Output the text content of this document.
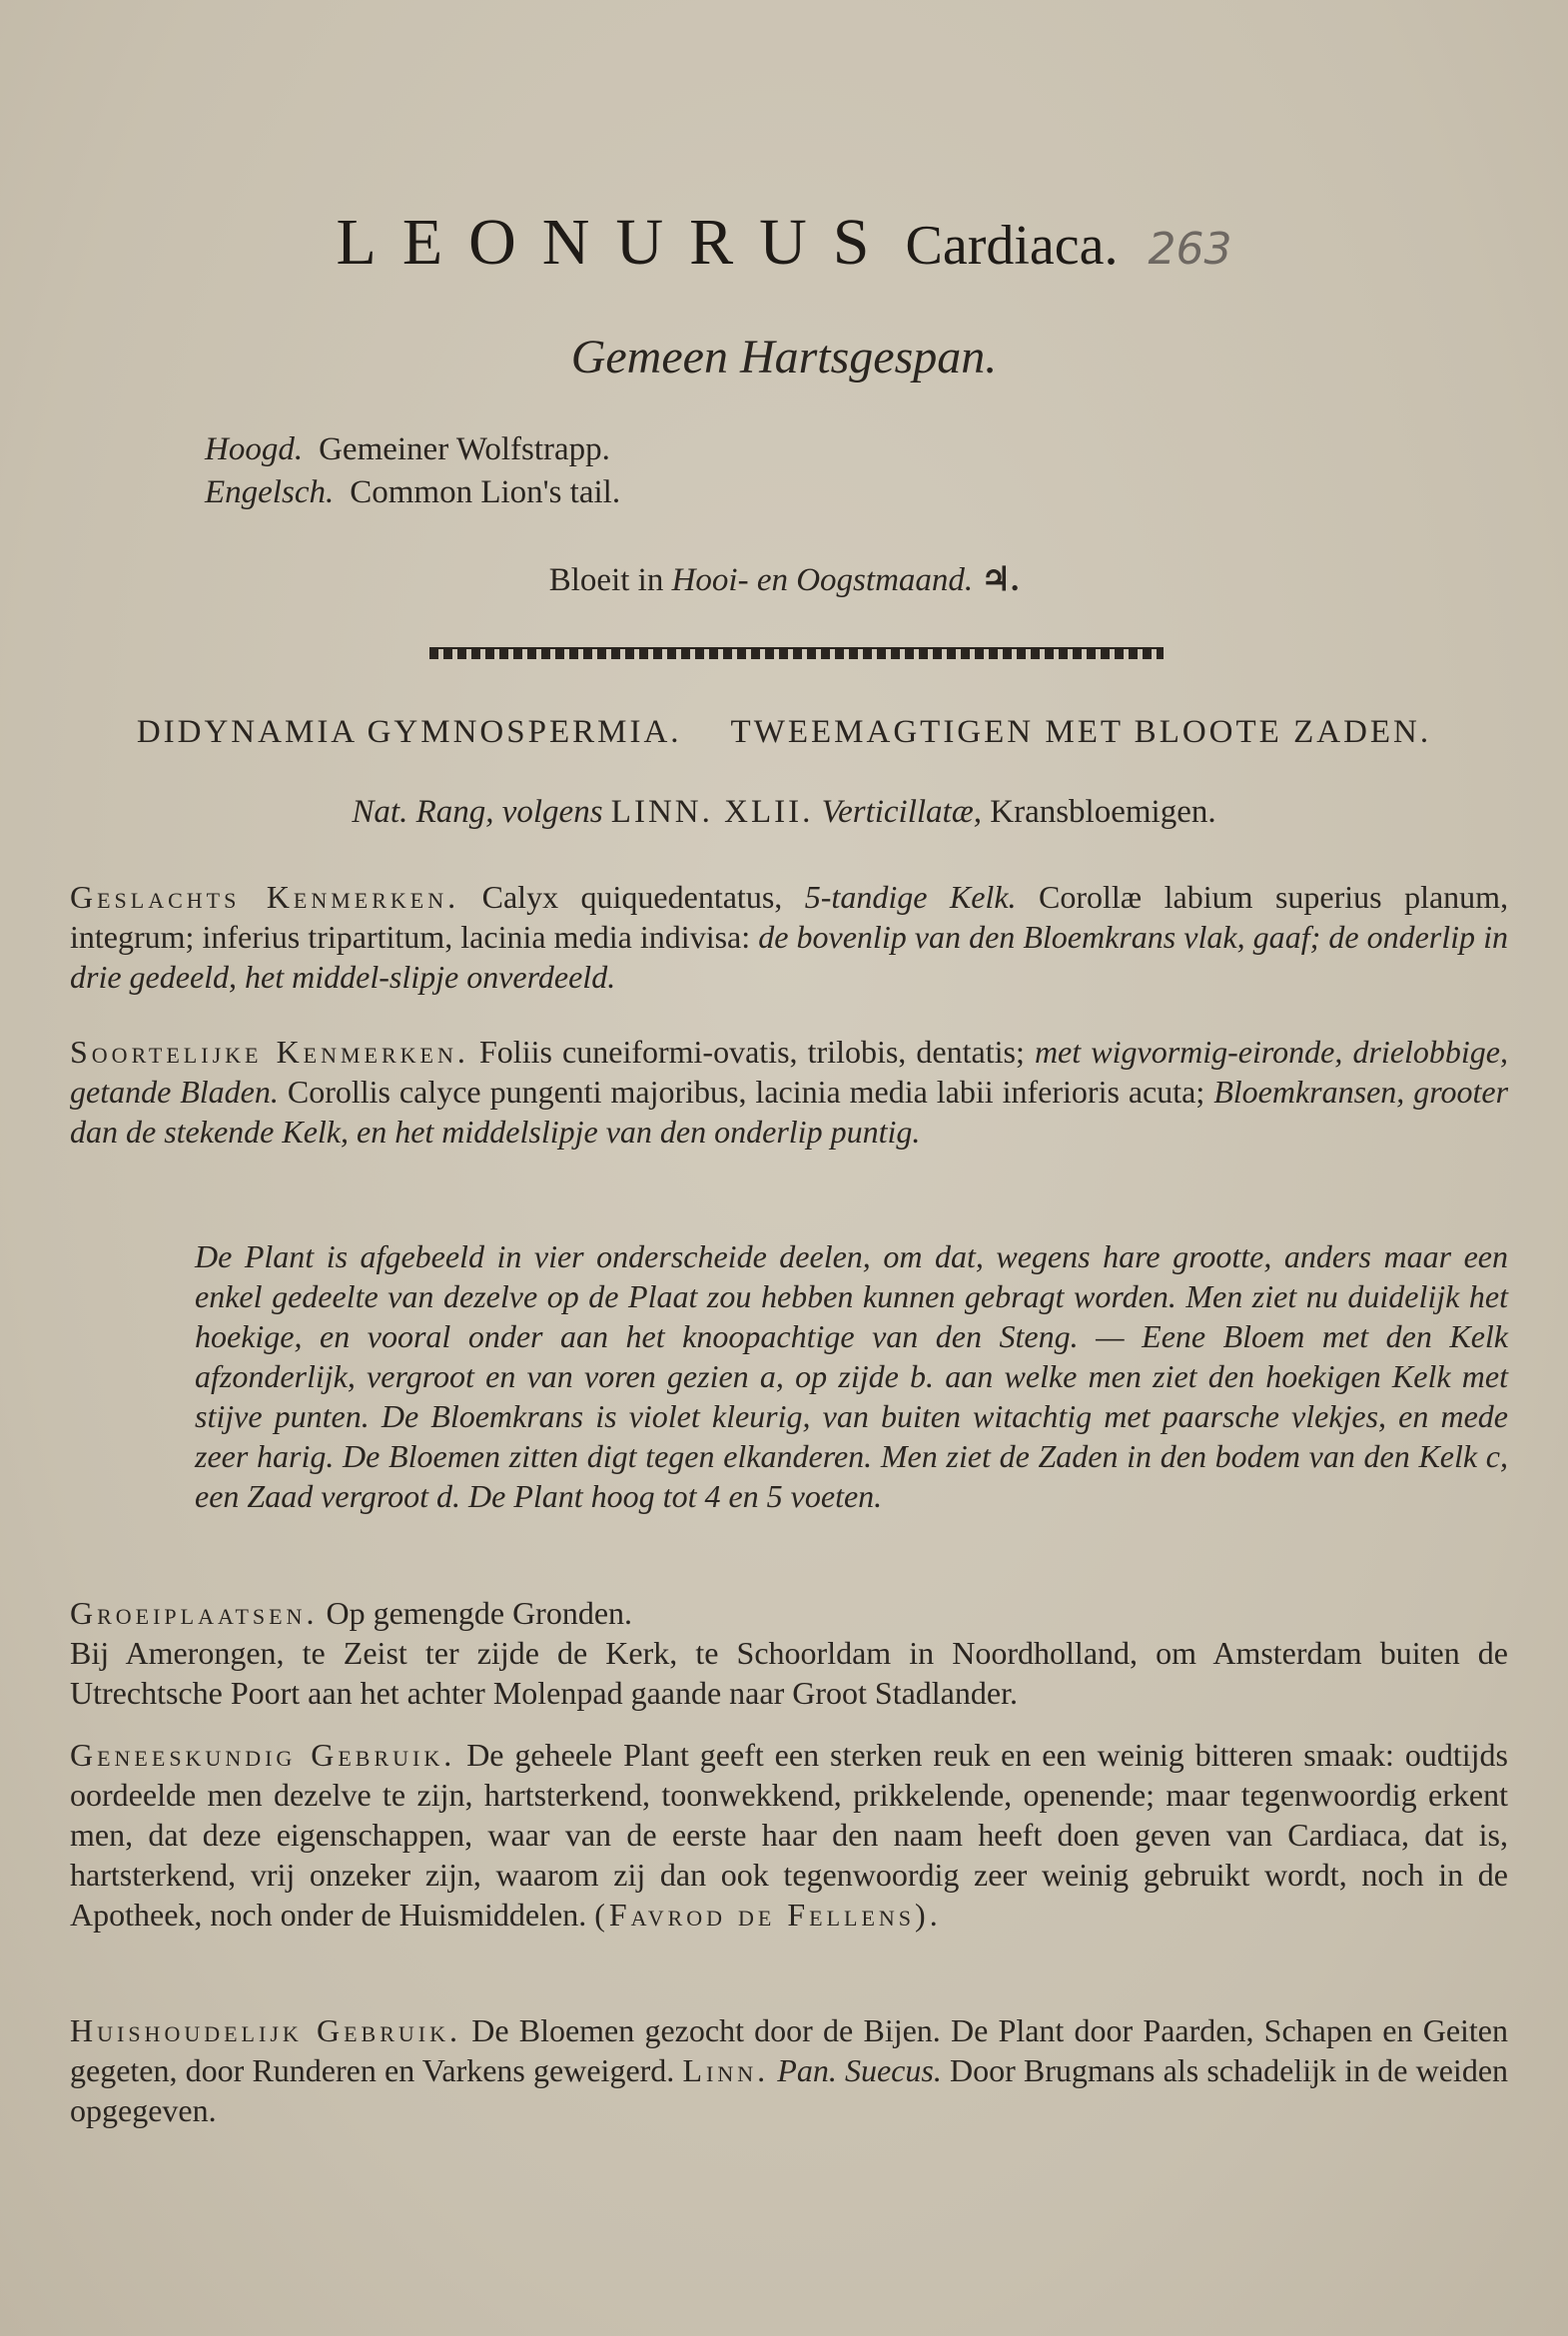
LEONURUS Cardiaca. 263
Gemeen Hartsgespan.
Hoogd. Gemeiner Wolfstrapp.
Engelsch. Common Lion's tail.
Bloeit in Hooi- en Oogstmaand. ♃.
DIDYNAMIA GYMNOSPERMIA. TWEEMAGTIGEN MET BLOOTE ZADEN.
Nat. Rang, volgens LINN. XLII. Verticillatæ, Kransbloemigen.

Geslachts Kenmerken. Calyx quiquedentatus, 5-tandige Kelk. Corollæ labium superius planum, integrum; inferius tripartitum, lacinia media indivisa: de bovenlip van den Bloemkrans vlak, gaaf; de onderlip in drie gedeeld, het middel-slipje onverdeeld.

Soortelijke Kenmerken. Foliis cuneiformi-ovatis, trilobis, dentatis; met wigvormig-eironde, drielobbige, getande Bladen. Corollis calyce pungenti majoribus, lacinia media labii inferioris acuta; Bloemkransen, grooter dan de stekende Kelk, en het middelslipje van den onderlip puntig.

De Plant is afgebeeld in vier onderscheide deelen, om dat, wegens hare grootte, anders maar een enkel gedeelte van dezelve op de Plaat zou hebben kunnen gebragt worden. Men ziet nu duidelijk het hoekige, en vooral onder aan het knoopachtige van den Steng. — Eene Bloem met den Kelk afzonderlijk, vergroot en van voren gezien a, op zijde b. aan welke men ziet den hoekigen Kelk met stijve punten. De Bloemkrans is violet kleurig, van buiten witachtig met paarsche vlekjes, en mede zeer harig. De Bloemen zitten digt tegen elkanderen. Men ziet de Zaden in den bodem van den Kelk c, een Zaad vergroot d. De Plant hoog tot 4 en 5 voeten.

Groeiplaatsen. Op gemengde Gronden.
Bij Amerongen, te Zeist ter zijde de Kerk, te Schoorldam in Noordholland, om Amsterdam buiten de Utrechtsche Poort aan het achter Molenpad gaande naar Groot Stadlander.

Geneeskundig Gebruik. De geheele Plant geeft een sterken reuk en een weinig bitteren smaak: oudtijds oordeelde men dezelve te zijn, hartsterkend, toonwekkend, prikkelende, openende; maar tegenwoordig erkent men, dat deze eigenschappen, waar van de eerste haar den naam heeft doen geven van Cardiaca, dat is, hartsterkend, vrij onzeker zijn, waarom zij dan ook tegenwoordig zeer weinig gebruikt wordt, noch in de Apotheek, noch onder de Huismiddelen. (Favrod de Fellens).

Huishoudelijk Gebruik. De Bloemen gezocht door de Bijen. De Plant door Paarden, Schapen en Geiten gegeten, door Runderen en Varkens geweigerd. Linn. Pan. Suecus. Door Brugmans als schadelijk in de weiden opgegeven.
